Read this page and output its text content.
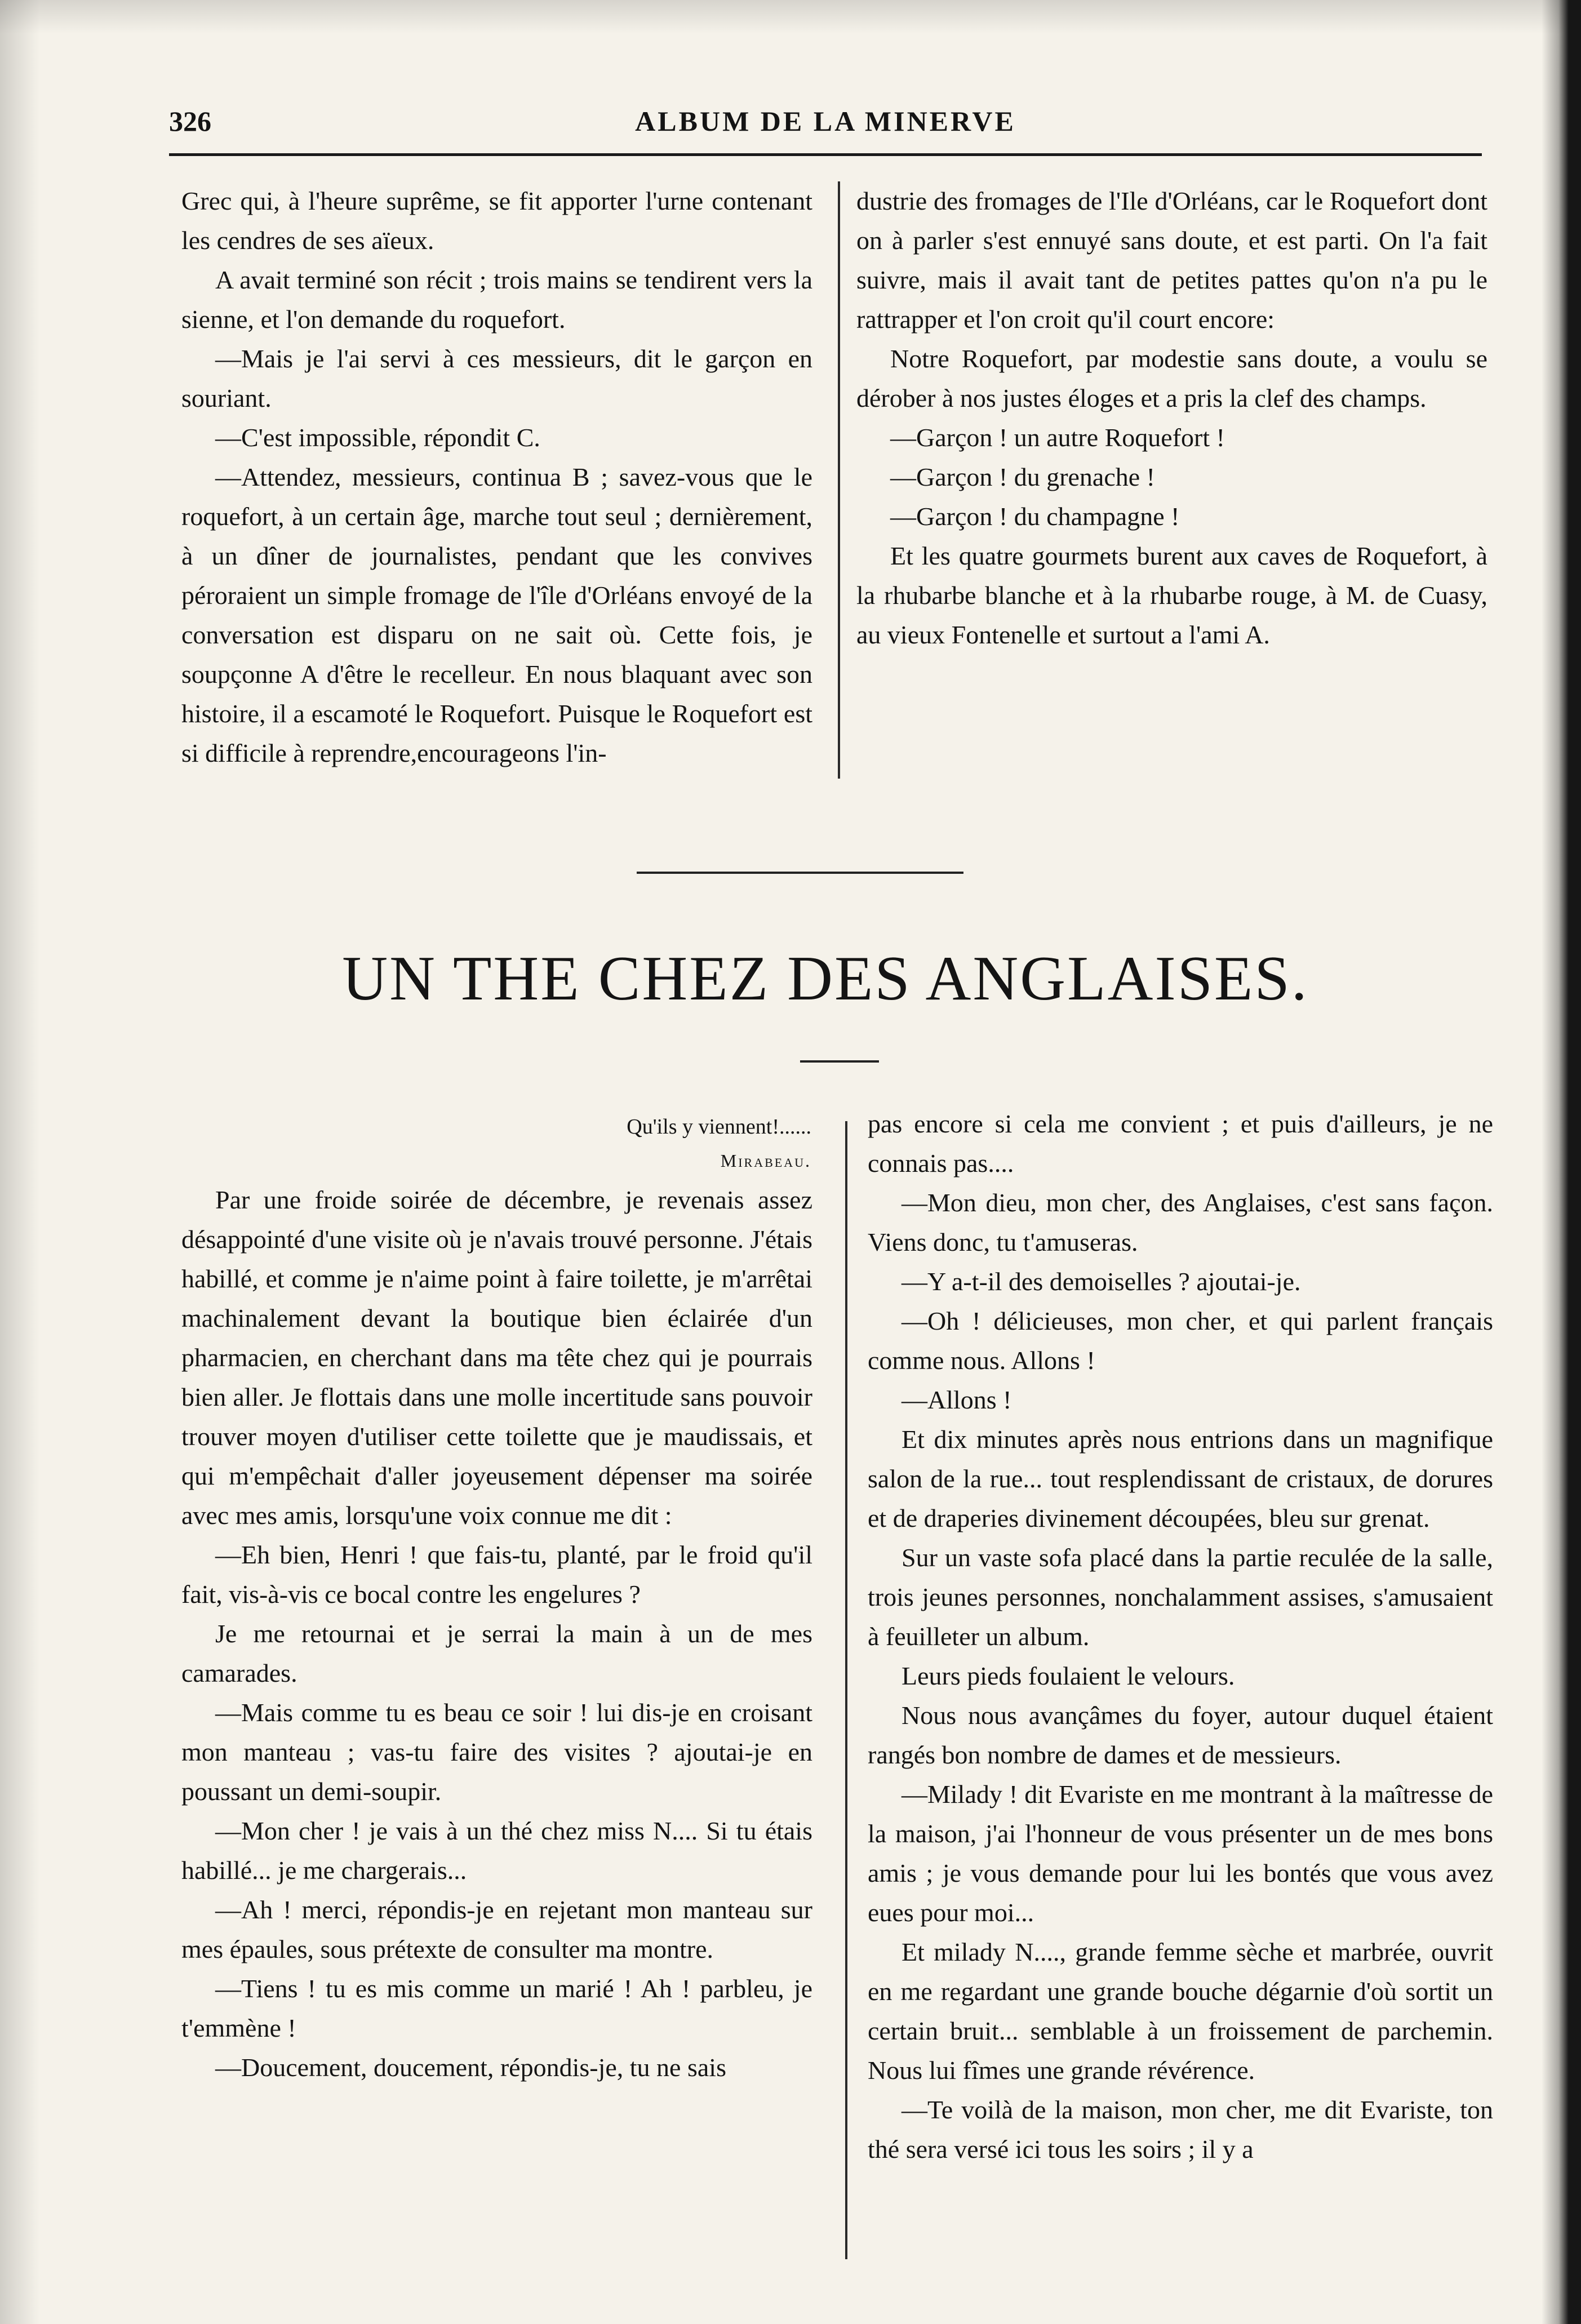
326	ALBUM DE LA MINERVE

Grec qui, à l'heure suprême, se fit apporter l'urne contenant les cendres de ses aïeux.

A avait terminé son récit ; trois mains se tendirent vers la sienne, et l'on demande du roquefort.

—Mais je l'ai servi à ces messieurs, dit le garçon en souriant.

—C'est impossible, répondit C.

—Attendez, messieurs, continua B ; savez-vous que le roquefort, à un certain âge, marche tout seul ; dernièrement, à un dîner de journalistes, pendant que les convives péroraient un simple fromage de l'île d'Orléans envoyé de la conversation est disparu on ne sait où. Cette fois, je soupçonne A d'être le recelleur. En nous blaquant avec son histoire, il a escamoté le Roquefort. Puisque le Roquefort est si difficile à reprendre,encourageons l'in-

dustrie des fromages de l'Ile d'Orléans, car le Roquefort dont on à parler s'est ennuyé sans doute, et est parti. On l'a fait suivre, mais il avait tant de petites pattes qu'on n'a pu le rattrapper et l'on croit qu'il court encore:

Notre Roquefort, par modestie sans doute, a voulu se dérober à nos justes éloges et a pris la clef des champs.

—Garçon ! un autre Roquefort !

—Garçon ! du grenache !

—Garçon ! du champagne !

Et les quatre gourmets burent aux caves de Roquefort, à la rhubarbe blanche et à la rhubarbe rouge, à M. de Cuasy, au vieux Fontenelle et surtout a l'ami A.

UN THE CHEZ DES ANGLAISES.
Qu'ils y viennent!......
Mirabeau.

Par une froide soirée de décembre, je revenais assez désappointé d'une visite où je n'avais trouvé personne. J'étais habillé, et comme je n'aime point à faire toilette, je m'arrêtai machinalement devant la boutique bien éclairée d'un pharmacien, en cherchant dans ma tête chez qui je pourrais bien aller. Je flottais dans une molle incertitude sans pouvoir trouver moyen d'utiliser cette toilette que je maudissais, et qui m'empêchait d'aller joyeusement dépenser ma soirée avec mes amis, lorsqu'une voix connue me dit :

—Eh bien, Henri ! que fais-tu, planté, par le froid qu'il fait, vis-à-vis ce bocal contre les engelures ?

Je me retournai et je serrai la main à un de mes camarades.

—Mais comme tu es beau ce soir ! lui dis-je en croisant mon manteau ; vas-tu faire des visites ? ajoutai-je en poussant un demi-soupir.

—Mon cher ! je vais à un thé chez miss N.... Si tu étais habillé... je me chargerais...

—Ah ! merci, répondis-je en rejetant mon manteau sur mes épaules, sous prétexte de consulter ma montre.

—Tiens ! tu es mis comme un marié ! Ah ! parbleu, je t'emmène !

—Doucement, doucement, répondis-je, tu ne sais

pas encore si cela me convient ; et puis d'ailleurs, je ne connais pas....

—Mon dieu, mon cher, des Anglaises, c'est sans façon. Viens donc, tu t'amuseras.

—Y a-t-il des demoiselles ? ajoutai-je.

—Oh ! délicieuses, mon cher, et qui parlent français comme nous. Allons !

—Allons !

Et dix minutes après nous entrions dans un magnifique salon de la rue... tout resplendissant de cristaux, de dorures et de draperies divinement découpées, bleu sur grenat.

Sur un vaste sofa placé dans la partie reculée de la salle, trois jeunes personnes, nonchalamment assises, s'amusaient à feuilleter un album.

Leurs pieds foulaient le velours.

Nous nous avançâmes du foyer, autour duquel étaient rangés bon nombre de dames et de messieurs.

—Milady ! dit Evariste en me montrant à la maîtresse de la maison, j'ai l'honneur de vous présenter un de mes bons amis ; je vous demande pour lui les bontés que vous avez eues pour moi...

Et milady N...., grande femme sèche et marbrée, ouvrit en me regardant une grande bouche dégarnie d'où sortit un certain bruit... semblable à un froissement de parchemin. Nous lui fîmes une grande révérence.

—Te voilà de la maison, mon cher, me dit Evariste, ton thé sera versé ici tous les soirs ; il y a
